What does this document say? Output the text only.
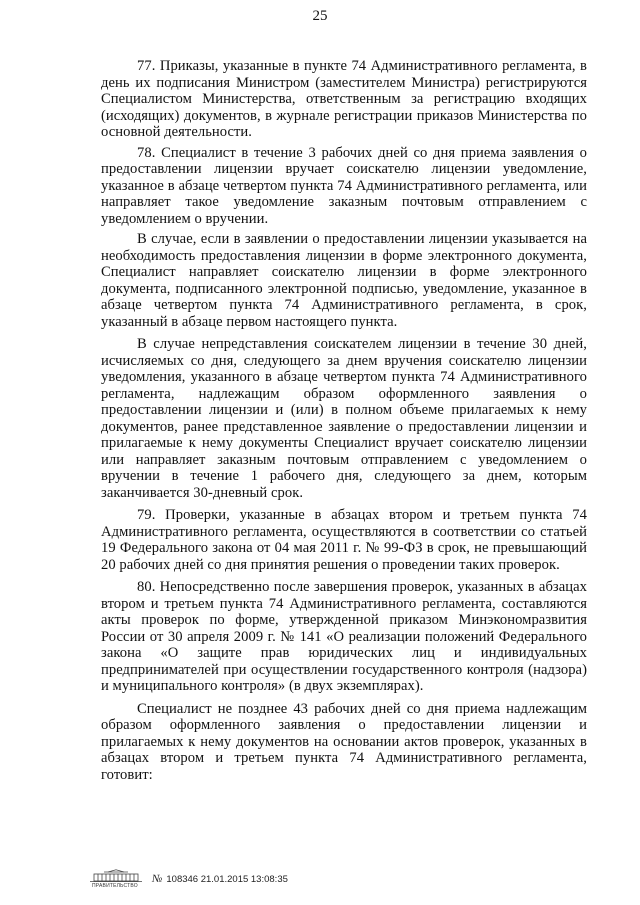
25

77. Приказы, указанные в пункте 74 Административного регламента, в день их подписания Министром (заместителем Министра) регистрируются Специалистом Министерства, ответственным за регистрацию входящих (исходящих) документов, в журнале регистрации приказов Министерства по основной деятельности.

78. Специалист в течение 3 рабочих дней со дня приема заявления о предоставлении лицензии вручает соискателю лицензии уведомление, указанное в абзаце четвертом пункта 74 Административного регламента, или направляет такое уведомление заказным почтовым отправлением с уведомлением о вручении.

В случае, если в заявлении о предоставлении лицензии указывается на необходимость предоставления лицензии в форме электронного документа, Специалист направляет соискателю лицензии в форме электронного документа, подписанного электронной подписью, уведомление, указанное в абзаце четвертом пункта 74 Административного регламента, в срок, указанный в абзаце первом настоящего пункта.

В случае непредставления соискателем лицензии в течение 30 дней, исчисляемых со дня, следующего за днем вручения соискателю лицензии уведомления, указанного в абзаце четвертом пункта 74 Административного регламента, надлежащим образом оформленного заявления о предоставлении лицензии и (или) в полном объеме прилагаемых к нему документов, ранее представленное заявление о предоставлении лицензии и прилагаемые к нему документы Специалист вручает соискателю лицензии или направляет заказным почтовым отправлением с уведомлением о вручении в течение 1 рабочего дня, следующего за днем, которым заканчивается 30-дневный срок.

79. Проверки, указанные в абзацах втором и третьем пункта 74 Административного регламента, осуществляются в соответствии со статьей 19 Федерального закона от 04 мая 2011 г. № 99-ФЗ в срок, не превышающий 20 рабочих дней со дня принятия решения о проведении таких проверок.

80. Непосредственно после завершения проверок, указанных в абзацах втором и третьем пункта 74 Административного регламента, составляются акты проверок по форме, утвержденной приказом Минэкономразвития России от 30 апреля 2009 г. № 141 «О реализации положений Федерального закона «О защите прав юридических лиц и индивидуальных предпринимателей при осуществлении государственного контроля (надзора) и муниципального контроля» (в двух экземплярах).

Специалист не позднее 43 рабочих дней со дня приема надлежащим образом оформленного заявления о предоставлении лицензии и прилагаемых к нему документов на основании актов проверок, указанных в абзацах втором и третьем пункта 74 Административного регламента, готовит:

ПРАВИТЕЛЬСТВО
№ 108346 21.01.2015 13:08:35
